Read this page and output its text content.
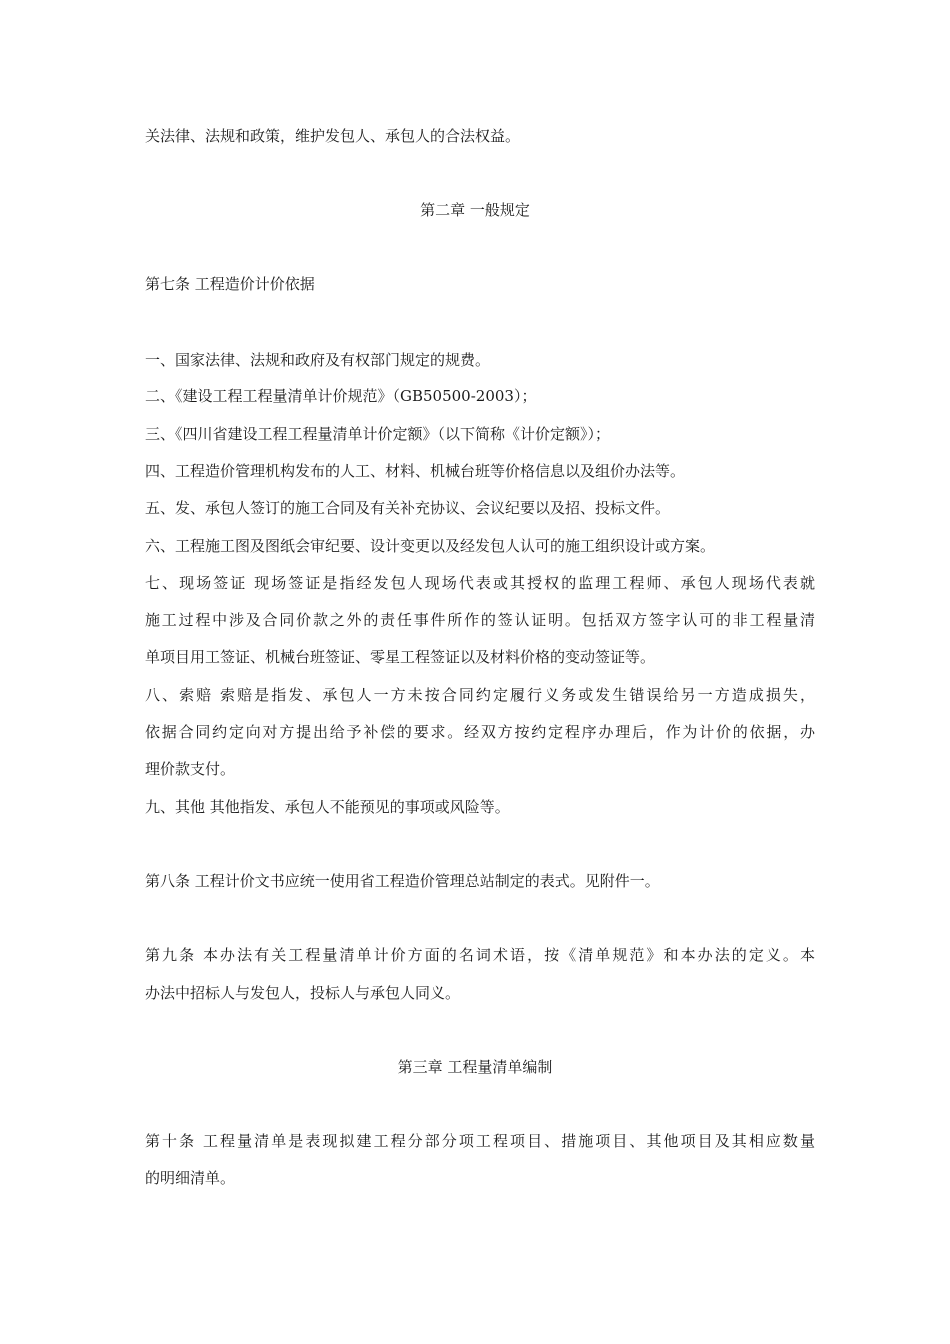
关法律、法规和政策，维护发包人、承包人的合法权益。
第二章 一般规定
第七条 工程造价计价依据
一、国家法律、法规和政府及有权部门规定的规费。
二、《建设工程工程量清单计价规范》（GB50500-2003）；
三、《四川省建设工程工程量清单计价定额》（以下简称《计价定额》）；
四、工程造价管理机构发布的人工、材料、机械台班等价格信息以及组价办法等。
五、发、承包人签订的施工合同及有关补充协议、会议纪要以及招、投标文件。
六、工程施工图及图纸会审纪要、设计变更以及经发包人认可的施工组织设计或方案。
七、现场签证 现场签证是指经发包人现场代表或其授权的监理工程师、承包人现场代表就
施工过程中涉及合同价款之外的责任事件所作的签认证明。包括双方签字认可的非工程量清
单项目用工签证、机械台班签证、零星工程签证以及材料价格的变动签证等。
八、索赔 索赔是指发、承包人一方未按合同约定履行义务或发生错误给另一方造成损失，
依据合同约定向对方提出给予补偿的要求。经双方按约定程序办理后，作为计价的依据，办
理价款支付。
九、其他 其他指发、承包人不能预见的事项或风险等。
第八条 工程计价文书应统一使用省工程造价管理总站制定的表式。见附件一。
第九条 本办法有关工程量清单计价方面的名词术语，按《清单规范》和本办法的定义。本
办法中招标人与发包人，投标人与承包人同义。
第三章 工程量清单编制
第十条 工程量清单是表现拟建工程分部分项工程项目、措施项目、其他项目及其相应数量
的明细清单。
